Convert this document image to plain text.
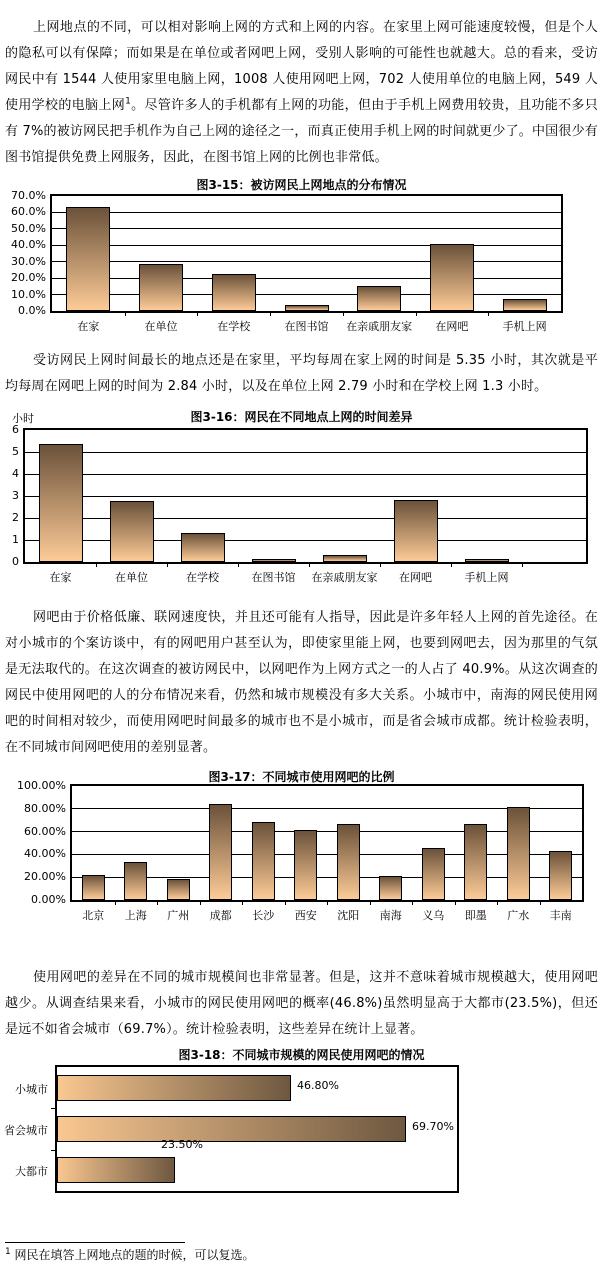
上网地点的不同，可以相对影响上网的方式和上网的内容。在家里上网可能速度较慢，但是个人的隐私可以有保障；而如果是在单位或者网吧上网，受别人影响的可能性也就越大。总的看来，受访网民中有 1544 人使用家里电脑上网，1008 人使用网吧上网，702 人使用单位的电脑上网，549 人使用学校的电脑上网$^1$。尽管许多人的手机都有上网的功能，但由于手机上网费用较贵，且功能不多只有 7%的被访网民把手机作为自己上网的途径之一，而真正使用手机上网的时间就更少了。中国很少有图书馆提供免费上网服务，因此，在图书馆上网的比例也非常低。

图3-15：被访网民上网地点的分布情况
70.0%
60.0%
50.0%
40.0%
30.0%
20.0%
10.0%
0.0%
在家	在单位	在学校	在图书馆	在亲戚朋友家	在网吧	手机上网

受访网民上网时间最长的地点还是在家里，平均每周在家上网的时间是 5.35 小时，其次就是平均每周在网吧上网的时间为 2.84 小时，以及在单位上网 2.79 小时和在学校上网 1.3 小时。

小时	图3-16：网民在不同地点上网的时间差异
6
5
4
3
2
1
0
在家	在单位	在学校	在图书馆	在亲戚朋友家	在网吧	手机上网

网吧由于价格低廉、联网速度快，并且还可能有人指导，因此是许多年轻人上网的首先途径。在对小城市的个案访谈中，有的网吧用户甚至认为，即使家里能上网，也要到网吧去，因为那里的气氛是无法取代的。在这次调查的被访网民中，以网吧作为上网方式之一的人占了 40.9%。从这次调查的网民中使用网吧的人的分布情况来看，仍然和城市规模没有多大关系。小城市中，南海的网民使用网吧的时间相对较少，而使用网吧时间最多的城市也不是小城市，而是省会城市成都。统计检验表明，在不同城市间网吧使用的差别显著。

图3-17：不同城市使用网吧的比例
100.00%
80.00%
60.00%
40.00%
20.00%
0.00%
北京	上海	广州	成都	长沙	西安	沈阳	南海	义乌	即墨	广水	丰南

使用网吧的差异在不同的城市规模间也非常显著。但是，这并不意味着城市规模越大，使用网吧越少。从调查结果来看，小城市的网民使用网吧的概率(46.8%)虽然明显高于大都市(23.5%)，但还是远不如省会城市（69.7%）。统计检验表明，这些差异在统计上显著。

图3-18：不同城市规模的网民使用网吧的情况
46.80%
69.70%
23.50%
小城市
省会城市
大都市
$^1$ 网民在填答上网地点的题的时候，可以复选。
